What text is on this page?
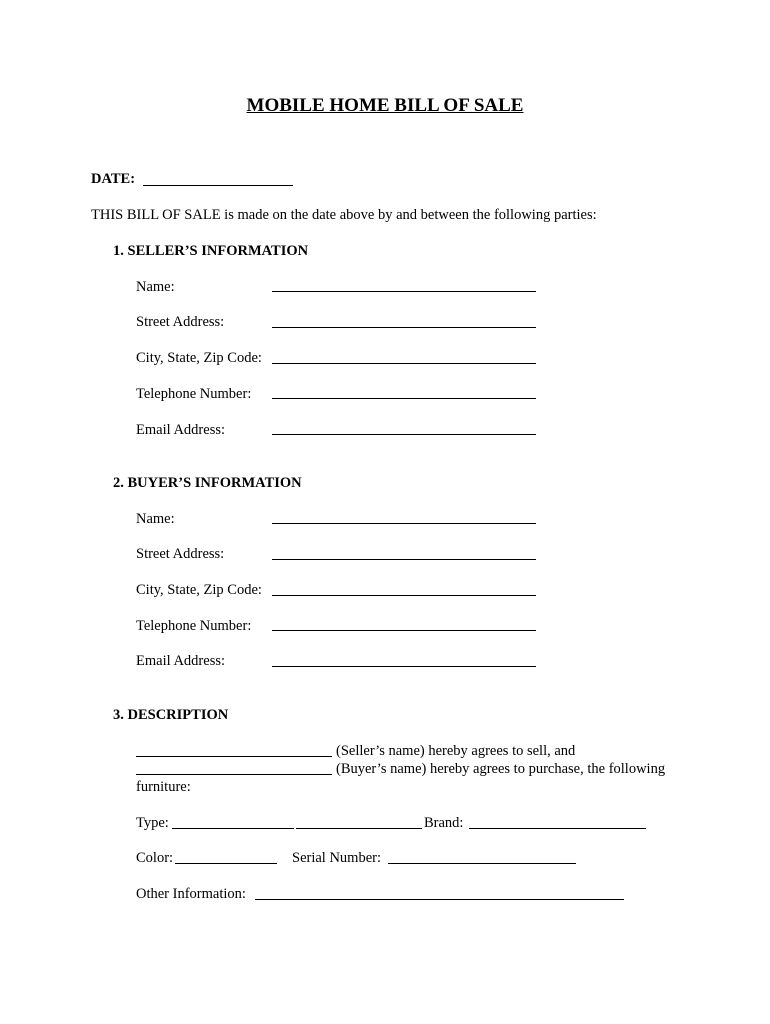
MOBILE HOME BILL OF SALE
DATE:
THIS BILL OF SALE is made on the date above by and between the following parties:
1. SELLER’S INFORMATION
Name:
Street Address:
City, State, Zip Code:
Telephone Number:
Email Address:
2. BUYER’S INFORMATION
Name:
Street Address:
City, State, Zip Code:
Telephone Number:
Email Address:
3. DESCRIPTION
(Seller’s name) hereby agrees to sell, and
(Buyer’s name) hereby agrees to purchase, the following
furniture:
Type:	Brand:
Color:	Serial Number:
Other Information:
